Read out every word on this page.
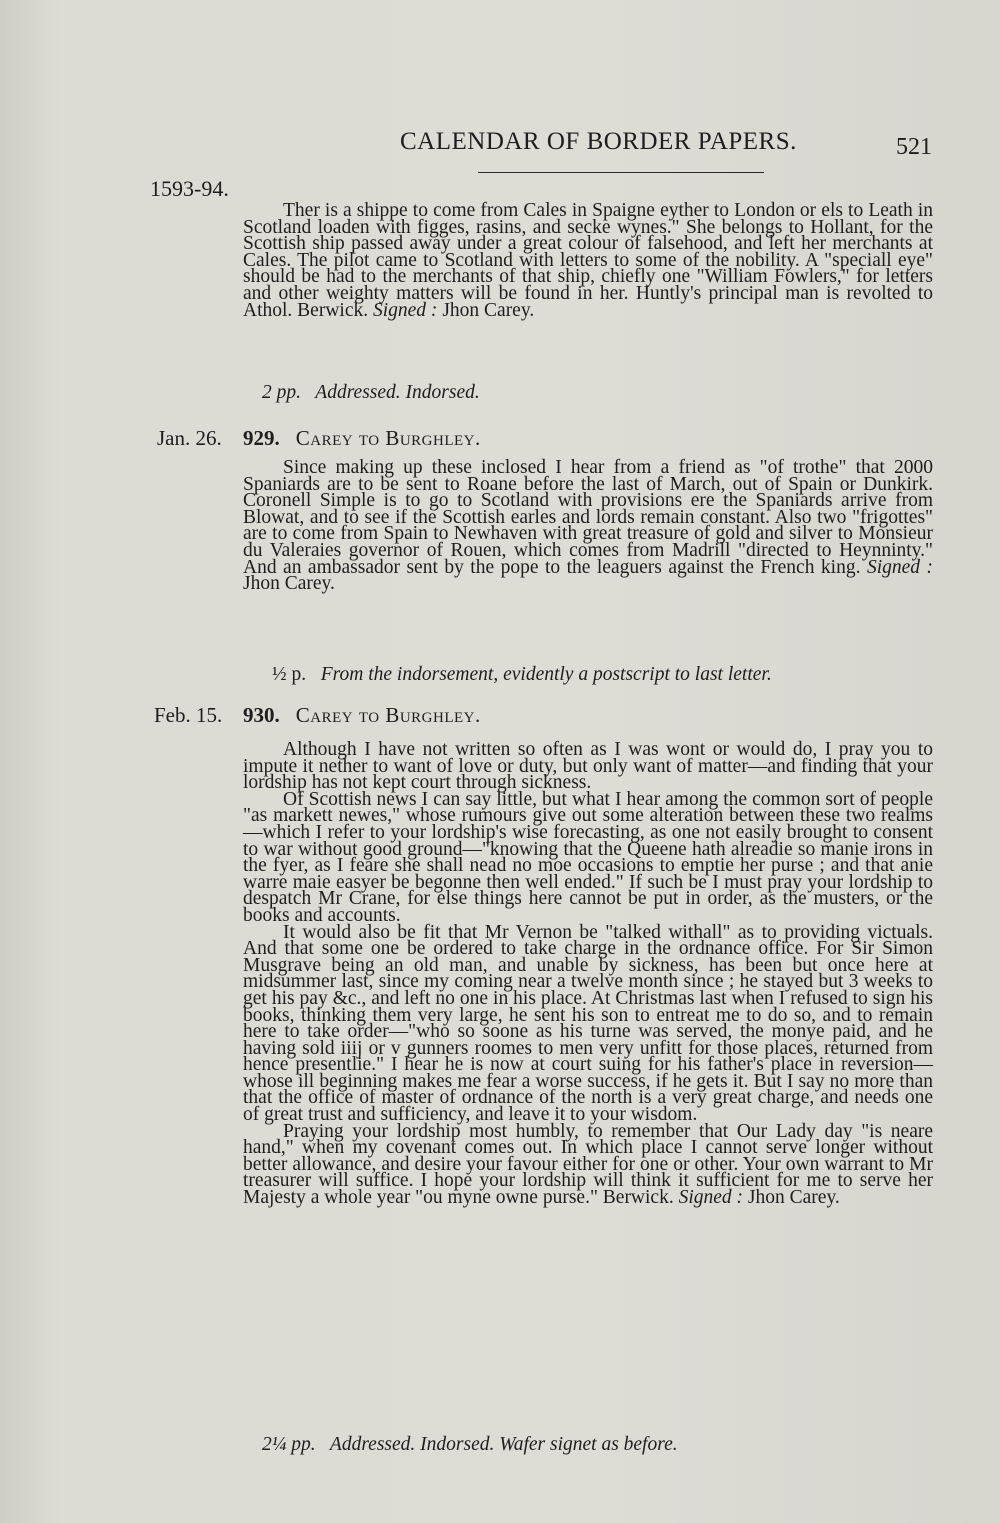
CALENDAR OF BORDER PAPERS.	521
1593-94.

Ther is a shippe to come from Cales in Spaigne eyther to London or els to Leath in Scotland loaden with figges, rasins, and secke wynes." She belongs to Hollant, for the Scottish ship passed away under a great colour of falsehood, and left her merchants at Cales. The pilot came to Scotland with letters to some of the nobility. A "speciall eye" should be had to the merchants of that ship, chiefly one "William Fowlers," for letters and other weighty matters will be found in her. Huntly's principal man is revolted to Athol. Berwick. Signed : Jhon Carey.

2 pp. Addressed. Indorsed.
Jan. 26. 929. Carey to Burghley.

Since making up these inclosed I hear from a friend as "of trothe" that 2000 Spaniards are to be sent to Roane before the last of March, out of Spain or Dunkirk. Coronell Simple is to go to Scotland with provisions ere the Spaniards arrive from Blowat, and to see if the Scottish earles and lords remain constant. Also two "frigottes" are to come from Spain to Newhaven with great treasure of gold and silver to Monsieur du Valeraies governor of Rouen, which comes from Madrill "directed to Heynninty." And an ambassador sent by the pope to the leaguers against the French king. Signed : Jhon Carey.

½ p. From the indorsement, evidently a postscript to last letter.
Feb. 15. 930. Carey to Burghley.

Although I have not written so often as I was wont or would do, I pray you to impute it nether to want of love or duty, but only want of matter—and finding that your lordship has not kept court through sickness.

Of Scottish news I can say little, but what I hear among the common sort of people "as markett newes," whose rumours give out some alteration between these two realms—which I refer to your lordship's wise forecasting, as one not easily brought to consent to war without good ground—"knowing that the Queene hath alreadie so manie irons in the fyer, as I feare she shall nead no moe occasions to emptie her purse ; and that anie warre maie easyer be begonne then well ended." If such be I must pray your lordship to despatch Mr Crane, for else things here cannot be put in order, as the musters, or the books and accounts.

It would also be fit that Mr Vernon be "talked withall" as to providing victuals. And that some one be ordered to take charge in the ordnance office. For Sir Simon Musgrave being an old man, and unable by sickness, has been but once here at midsummer last, since my coming near a twelve month since ; he stayed but 3 weeks to get his pay &c., and left no one in his place. At Christmas last when I refused to sign his books, thinking them very large, he sent his son to entreat me to do so, and to remain here to take order—"who so soone as his turne was served, the monye paid, and he having sold iiij or v gunners roomes to men very unfitt for those places, returned from hence presentlie." I hear he is now at court suing for his father's place in reversion—whose ill beginning makes me fear a worse success, if he gets it. But I say no more than that the office of master of ordnance of the north is a very great charge, and needs one of great trust and sufficiency, and leave it to your wisdom.

Praying your lordship most humbly, to remember that Our Lady day "is neare hand," when my covenant comes out. In which place I cannot serve longer without better allowance, and desire your favour either for one or other. Your own warrant to Mr treasurer will suffice. I hope your lordship will think it sufficient for me to serve her Majesty a whole year "ou myne owne purse." Berwick. Signed : Jhon Carey.

2¼ pp. Addressed. Indorsed. Wafer signet as before.
